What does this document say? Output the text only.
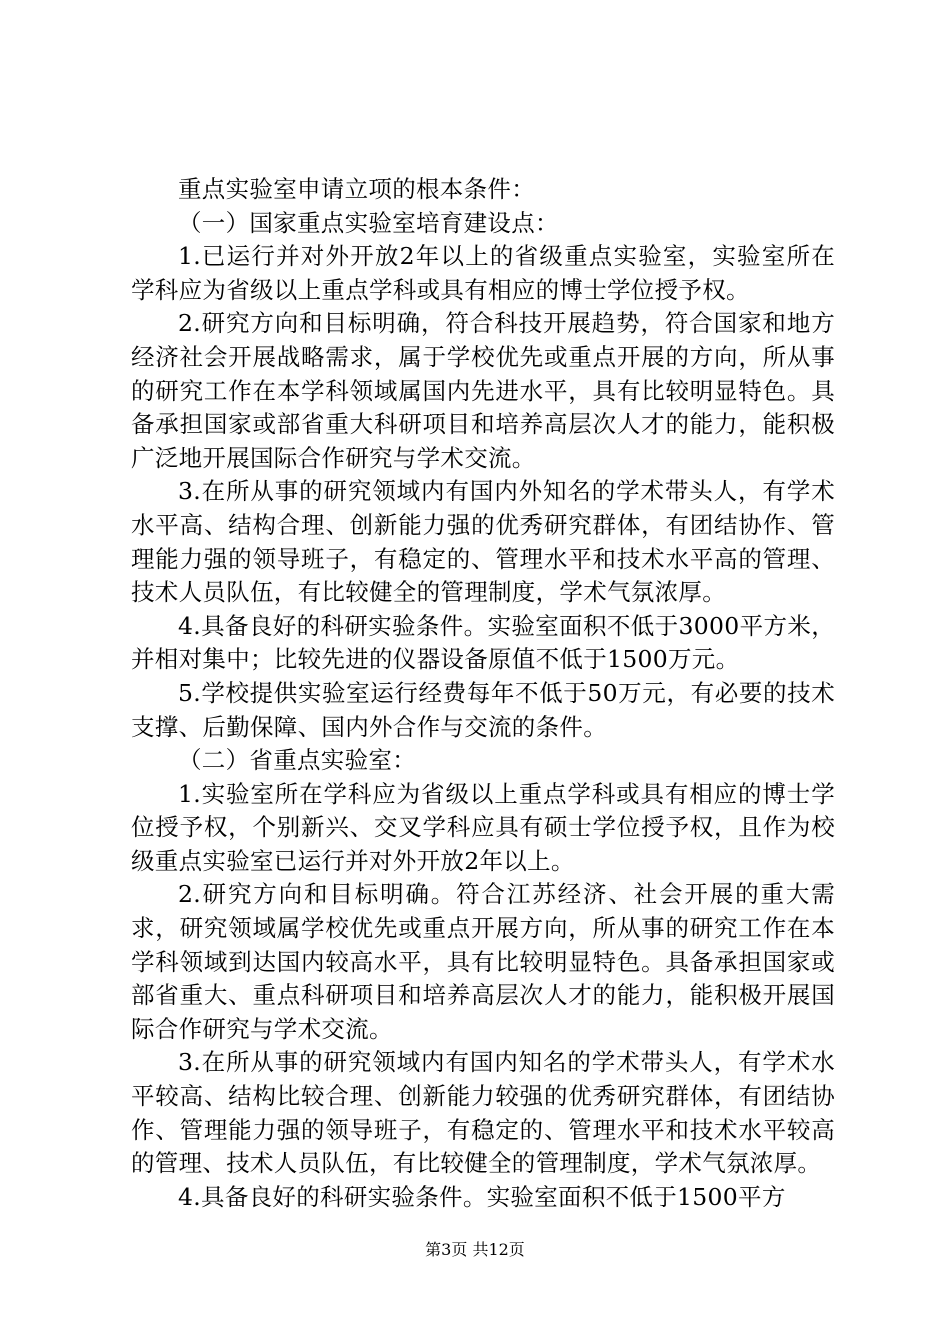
重点实验室申请立项的根本条件：

（一）国家重点实验室培育建设点：

1.已运行并对外开放2年以上的省级重点实验室，实验室所在学科应为省级以上重点学科或具有相应的博士学位授予权。

2.研究方向和目标明确，符合科技开展趋势，符合国家和地方经济社会开展战略需求，属于学校优先或重点开展的方向，所从事的研究工作在本学科领域属国内先进水平，具有比较明显特色。具备承担国家或部省重大科研项目和培养高层次人才的能力，能积极广泛地开展国际合作研究与学术交流。

3.在所从事的研究领域内有国内外知名的学术带头人，有学术水平高、结构合理、创新能力强的优秀研究群体，有团结协作、管理能力强的领导班子，有稳定的、管理水平和技术水平高的管理、技术人员队伍，有比较健全的管理制度，学术气氛浓厚。

4.具备良好的科研实验条件。实验室面积不低于3000平方米，并相对集中；比较先进的仪器设备原值不低于1500万元。

5.学校提供实验室运行经费每年不低于50万元，有必要的技术支撑、后勤保障、国内外合作与交流的条件。

（二）省重点实验室：

1.实验室所在学科应为省级以上重点学科或具有相应的博士学位授予权，个别新兴、交叉学科应具有硕士学位授予权，且作为校级重点实验室已运行并对外开放2年以上。

2.研究方向和目标明确。符合江苏经济、社会开展的重大需求，研究领域属学校优先或重点开展方向，所从事的研究工作在本学科领域到达国内较高水平，具有比较明显特色。具备承担国家或部省重大、重点科研项目和培养高层次人才的能力，能积极开展国际合作研究与学术交流。

3.在所从事的研究领域内有国内知名的学术带头人，有学术水平较高、结构比较合理、创新能力较强的优秀研究群体，有团结协作、管理能力强的领导班子，有稳定的、管理水平和技术水平较高的管理、技术人员队伍，有比较健全的管理制度，学术气氛浓厚。

4.具备良好的科研实验条件。实验室面积不低于1500平方

第3页 共12页
